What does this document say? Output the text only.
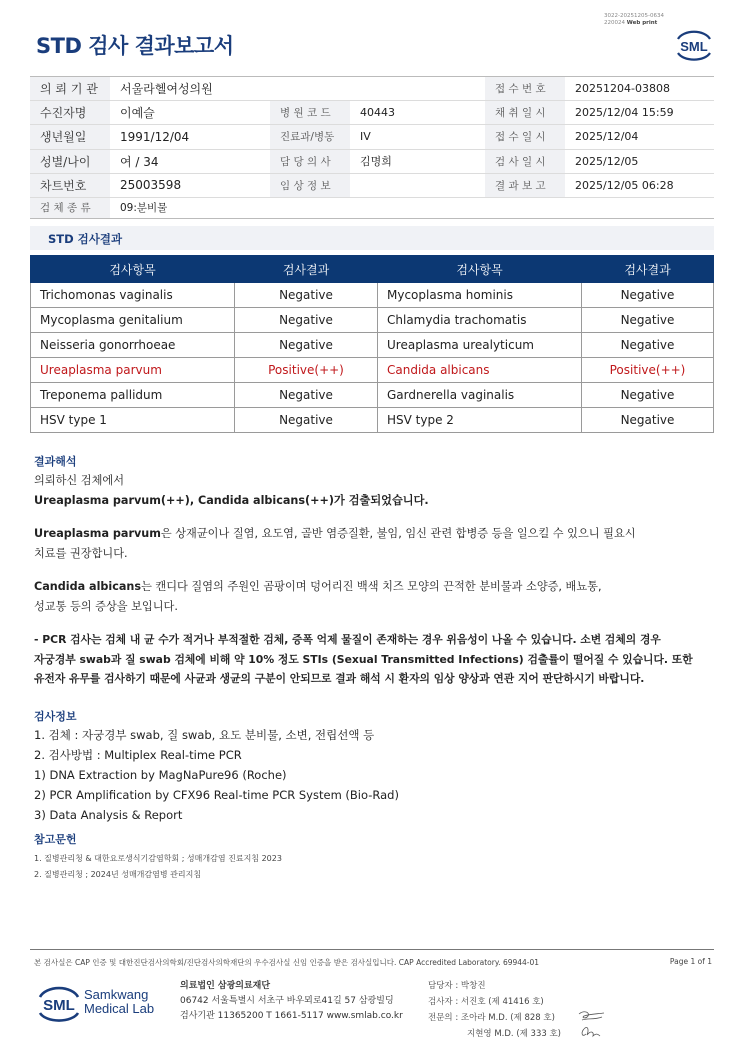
STD 검사 결과보고서
3022-20251205-0634
220024 Web print
SML
의 뢰 기 관	서울라헬여성의원			접 수 번 호	20251204-03808
수진자명	이예슬	병 원 코 드	40443	채 취 일 시	2025/12/04 15:59
생년월일	1991/12/04	진료과/병동	IV	접 수 일 시	2025/12/04
성별/나이	여 / 34	담 당 의 사	김명희	검 사 일 시	2025/12/05
차트번호	25003598	임 상 정 보		결 과 보 고	2025/12/05 06:28
검 체 종 류	09:분비물				
STD 검사결과
검사항목	검사결과	검사항목	검사결과
Trichomonas vaginalis	Negative	Mycoplasma hominis	Negative
Mycoplasma genitalium	Negative	Chlamydia trachomatis	Negative
Neisseria gonorrhoeae	Negative	Ureaplasma urealyticum	Negative
Ureaplasma parvum	Positive(++)	Candida albicans	Positive(++)
Treponema pallidum	Negative	Gardnerella vaginalis	Negative
HSV type 1	Negative	HSV type 2	Negative
결과해석
의뢰하신 검체에서
Ureaplasma parvum(++), Candida albicans(++)가 검출되었습니다.
Ureaplasma parvum은 상재균이나 질염, 요도염, 골반 염증질환, 불임, 임신 관련 합병증 등을 일으킬 수 있으니 필요시
치료를 권장합니다.
Candida albicans는 캔디다 질염의 주원인 곰팡이며 덩어리진 백색 치즈 모양의 끈적한 분비물과 소양증, 배뇨통,
성교통 등의 증상을 보입니다.
- PCR 검사는 검체 내 균 수가 적거나 부적절한 검체, 증폭 억제 물질이 존재하는 경우 위음성이 나올 수 있습니다. 소변 검체의 경우
자궁경부 swab과 질 swab 검체에 비해 약 10% 정도 STIs (Sexual Transmitted Infections) 검출률이 떨어질 수 있습니다. 또한
유전자 유무를 검사하기 때문에 사균과 생균의 구분이 안되므로 결과 해석 시 환자의 임상 양상과 연관 지어 판단하시기 바랍니다.
검사정보
1. 검체 : 자궁경부 swab, 질 swab, 요도 분비물, 소변, 전립선액 등
2. 검사방법 : Multiplex Real-time PCR
1) DNA Extraction by MagNaPure96 (Roche)
2) PCR Amplification by CFX96 Real-time PCR System (Bio-Rad)
3) Data Analysis & Report
참고문헌
1. 질병관리청 & 대한요로생식기감염학회 ; 성매개감염 진료지침 2023
2. 질병관리청 ; 2024년 성매개감염병 관리지침
본 검사실은 CAP 인증 및 대한진단검사의학회/진단검사의학재단의 우수검사실 신임 인증을 받은 검사실입니다. CAP Accredited Laboratory. 69944-01	Page 1 of 1
SML
Samkwang
Medical Lab
의료법인 삼광의료재단
06742 서울특별시 서초구 바우뫼로41길 57 삼광빌딩
검사기관 11365200 T 1661-5117 www.smlab.co.kr
담당자 : 박창진
검사자 : 서진호 (제 41416 호)
전문의 : 조아라 M.D. (제 828 호)
지현영 M.D. (제 333 호)
